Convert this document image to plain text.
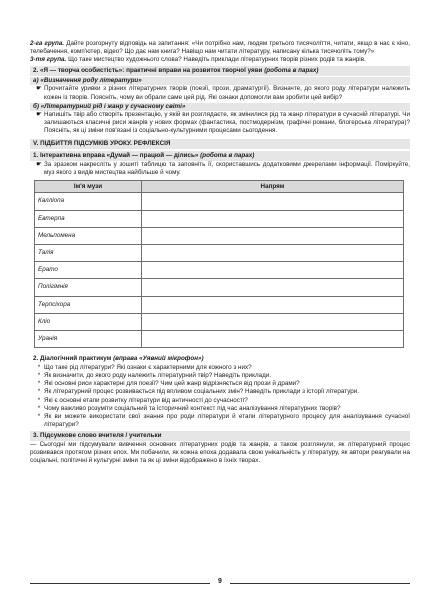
2-га група. Дайте розгорнуту відповідь на запитання: «Чи потрібно нам, людям третього тисячоліття, читати, якщо в нас є кіно, телебачення, комп'ютер, відео? Що дає нам книга? Навіщо нам читати літературу, написану кілька тисячоліть тому?»

3-тя група. Що таке мистецтво художнього слова? Наведіть приклади літературних творів різних родів та жанрів.

2. «Я — творча особистість»: практичні вправи на розвиток творчої уяви (робота в парах)
а) «Визначення роду літератури»
☛ Прочитайте уривки з різних літературних творів (поезії, прози, драматургії). Визначте, до якого роду літератури належить кожен із творів. Поясніть, чому ви обрали саме цей рід. Які ознаки допомогли вам зробити цей вибір?
б) «Літературний рід і жанр у сучасному світі»
☛ Напишіть твір або створіть презентацію, у якій ви розглядаєте, як змінилися рід та жанр літератури в сучасній літературі. Чи залишаються класичні риси жанрів у нових формах (фантастика, постмодернізм, графічні романи, блогерська література)? Поясніть, як ці зміни пов'язані із соціально-культурними процесами сьогодення.
V. ПІДБИТТЯ ПІДСУМКІВ УРОКУ. РЕФЛЕКСІЯ
1. Інтерактивна вправа «Думай — працюй — ділись» (робота в парах)
☛ За зразком накресліть у зошиті таблицю та заповніть її, скориставшись додатковими джерелами інформації. Поміркуйте, муз якого з видів мистецтва найбільше й чому.
Ім'я музи	Напрям
Калліопа	
Евтерпа	
Мельпомена	
Талія	
Ерато	
Полігімнія	
Терпсіхора	
Кліо	
Уранія	
2. Діалогічний практикум (вправа «Уявний мікрофон»)
* Що таке рід літератури? Які ознаки є характерними для кожного з них?
* Як визначити, до якого роду належить літературний твір? Наведіть приклади.
* Які основні риси характерні для поезії? Чим цей жанр відрізняється від прози й драми?
* Як літературний процес розвивається під впливом соціальних змін? Наведіть приклади з історії літератури.
* Які є основні етапи розвитку літератури від античності до сучасності?
* Чому важливо розуміти соціальний та історичний контекст під час аналізування літературних творів?
* Як ви можете використати свої знання про роди літератури й етапи літературного процесу для аналізування сучасної літератури?
3. Підсумкове слово вчителя / учительки

— Сьогодні ми підсумували вивчення основних літературних родів та жанрів, а також розглянули, як літературний процес розвивався протягом різних епох. Ми побачили, як кожна епоха додавала свою унікальність у літературу, як автори реагували на соціальні, політичні й культурні зміни та як ці зміни відображено в їхніх творах.

9
